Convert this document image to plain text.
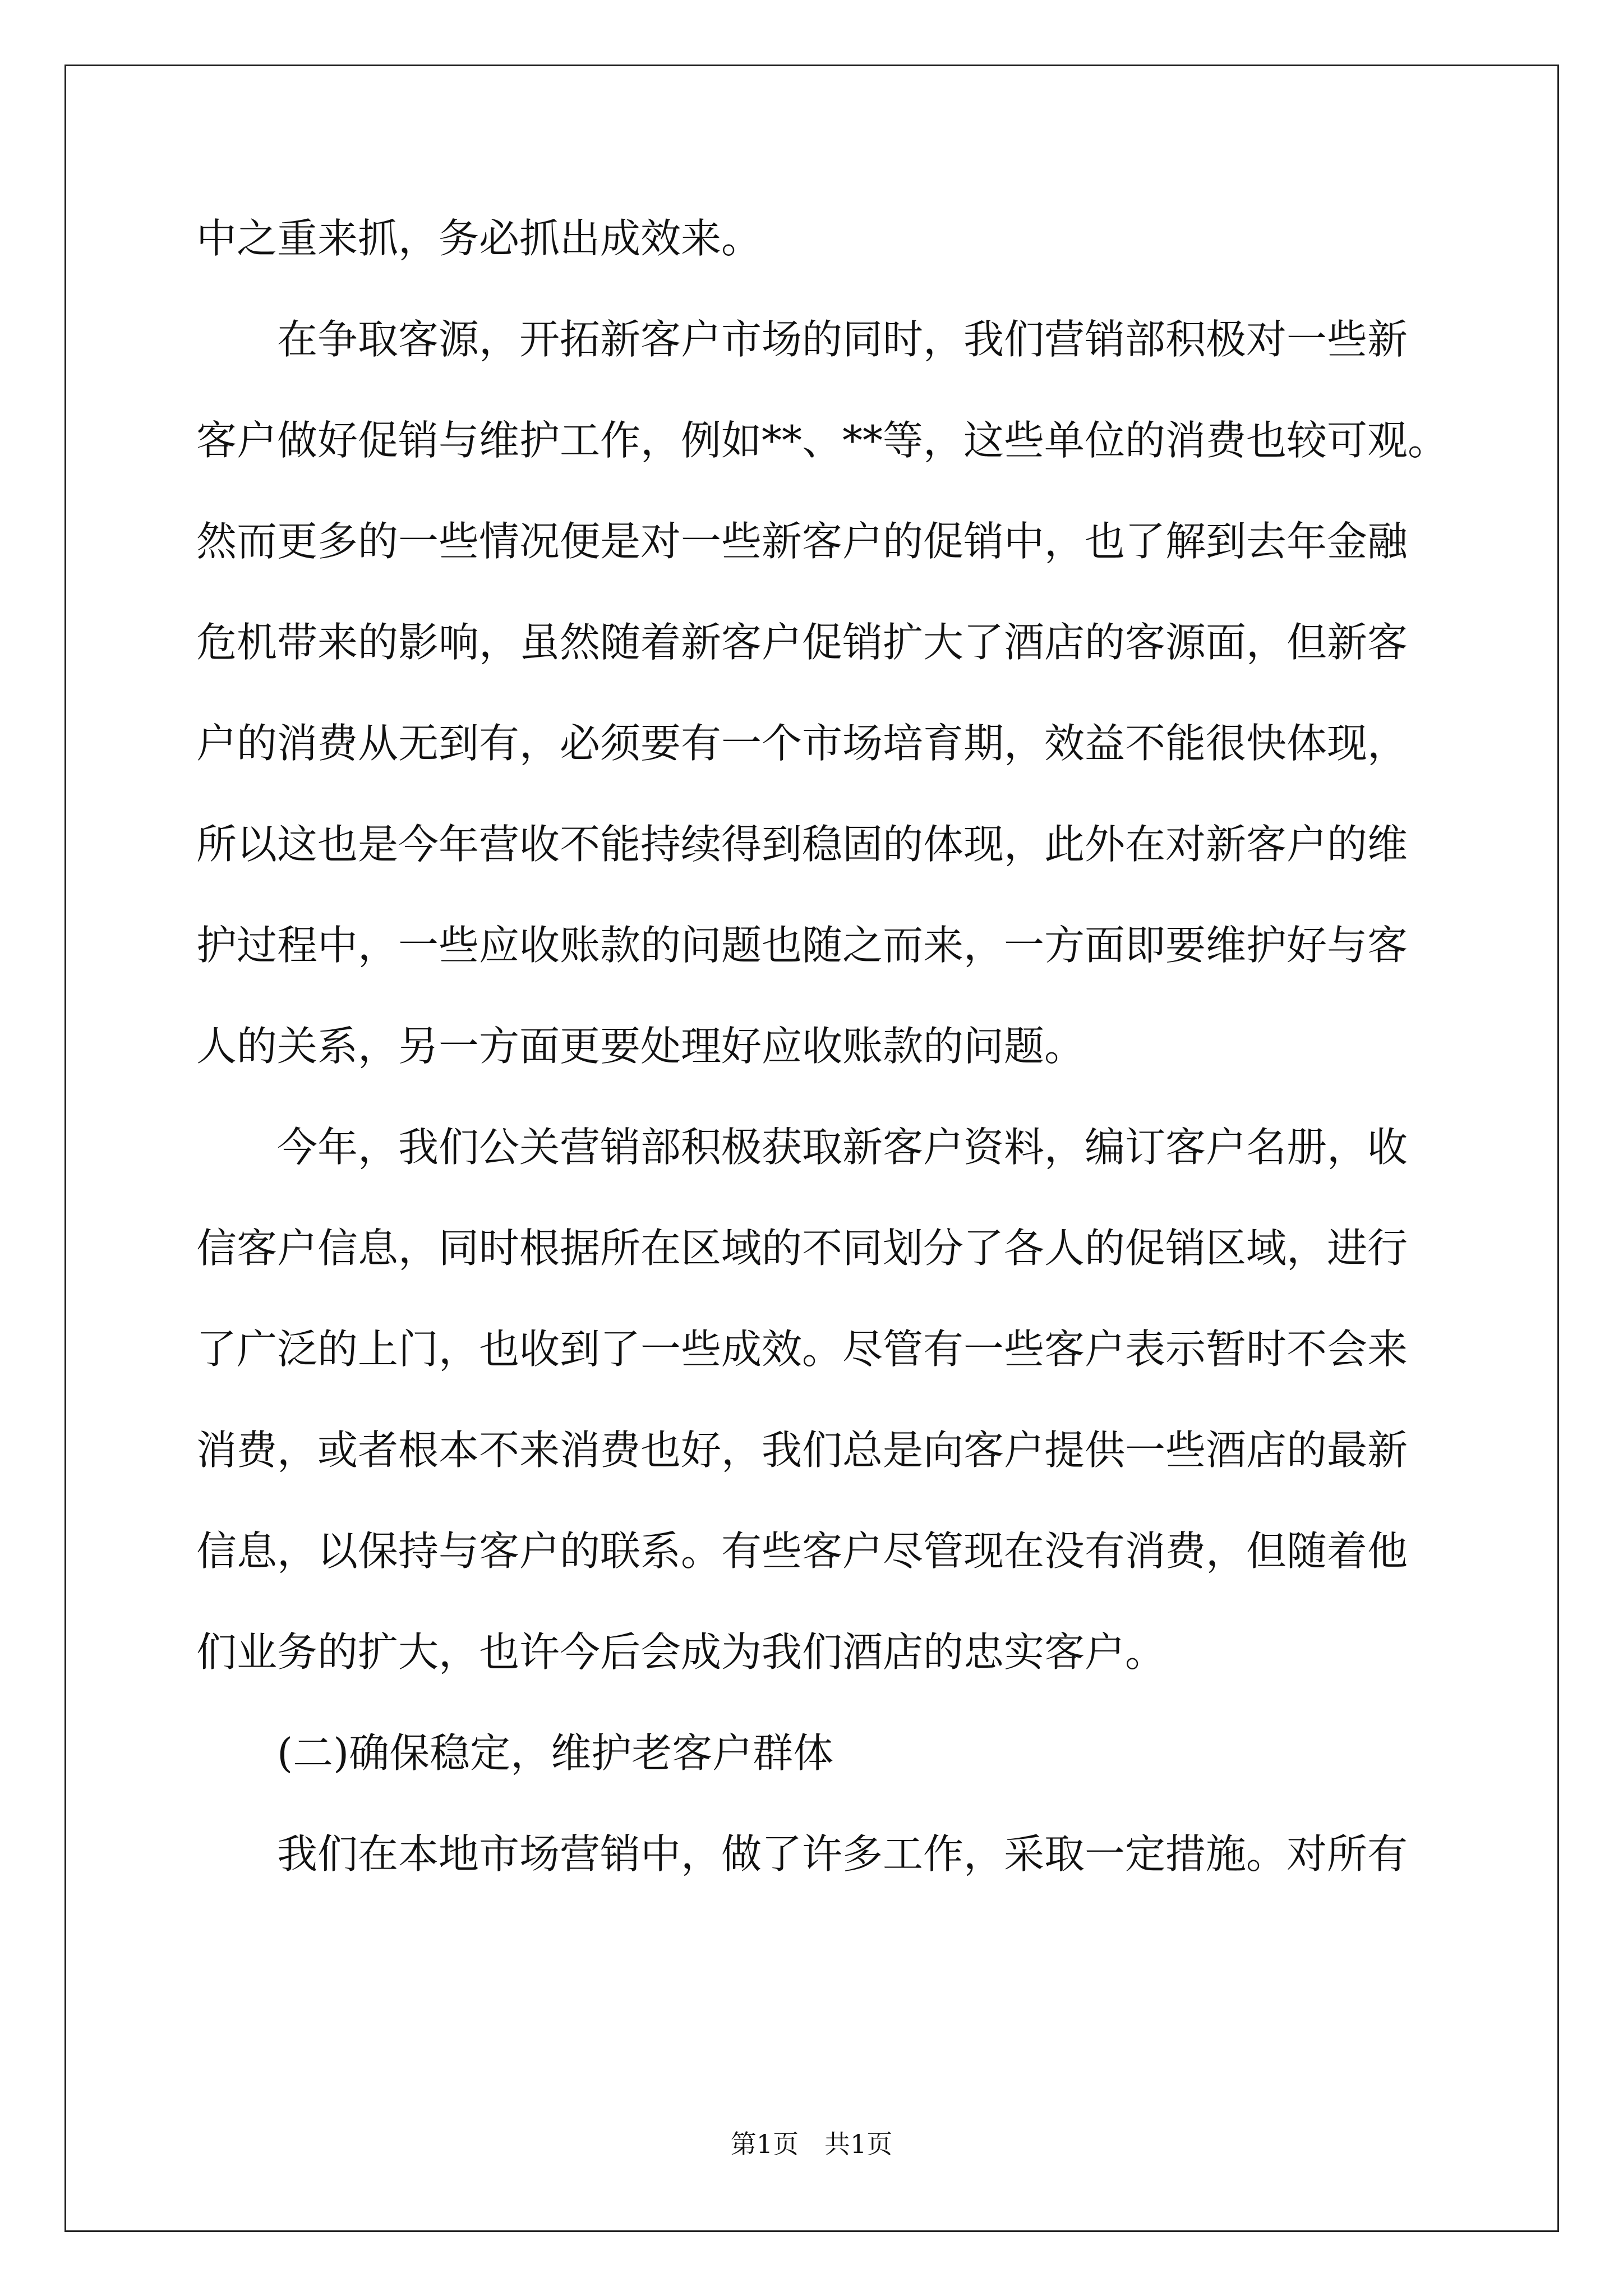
中之重来抓，务必抓出成效来。
　　在争取客源，开拓新客户市场的同时，我们营销部积极对一些新
客户做好促销与维护工作，例如**、**等，这些单位的消费也较可观。
然而更多的一些情况便是对一些新客户的促销中，也了解到去年金融
危机带来的影响，虽然随着新客户促销扩大了酒店的客源面，但新客
户的消费从无到有，必须要有一个市场培育期，效益不能很快体现，
所以这也是今年营收不能持续得到稳固的体现，此外在对新客户的维
护过程中，一些应收账款的问题也随之而来，一方面即要维护好与客
人的关系，另一方面更要处理好应收账款的问题。
　　今年，我们公关营销部积极获取新客户资料，编订客户名册，收
信客户信息，同时根据所在区域的不同划分了各人的促销区域，进行
了广泛的上门，也收到了一些成效。尽管有一些客户表示暂时不会来
消费，或者根本不来消费也好，我们总是向客户提供一些酒店的最新
信息，以保持与客户的联系。有些客户尽管现在没有消费，但随着他
们业务的扩大，也许今后会成为我们酒店的忠实客户。
　　(二)确保稳定，维护老客户群体
　　我们在本地市场营销中，做了许多工作，采取一定措施。对所有
第1页　共1页
